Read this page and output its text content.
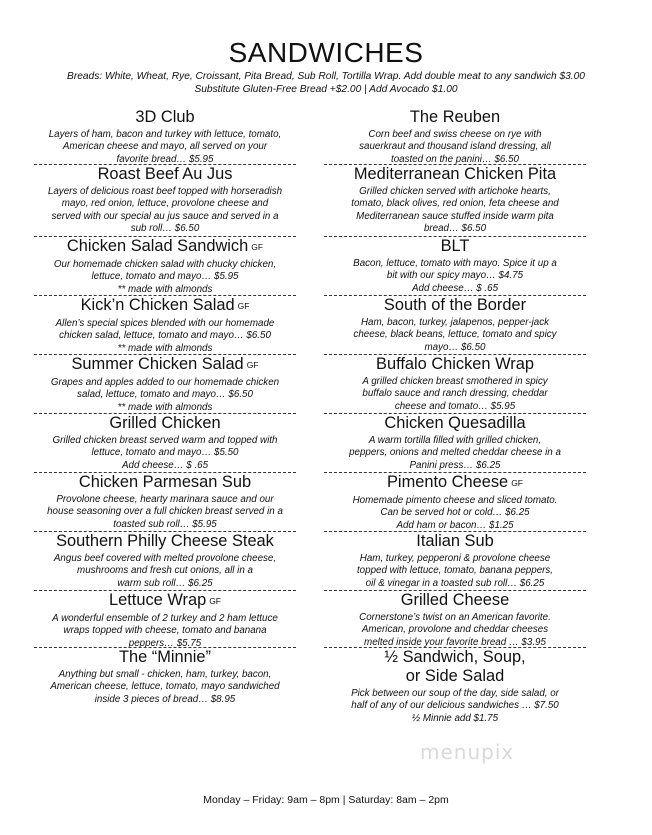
SANDWICHES
Breads: White, Wheat, Rye, Croissant, Pita Bread, Sub Roll, Tortilla Wrap. Add double meat to any sandwich $3.00
Substitute Gluten-Free Bread +$2.00 | Add Avocado $1.00
3D Club
Layers of ham, bacon and turkey with lettuce, tomato,
American cheese and mayo, all served on your
favorite bread… $5.95
Roast Beef Au Jus
Layers of delicious roast beef topped with horseradish
mayo, red onion, lettuce, provolone cheese and
served with our special au jus sauce and served in a
sub roll… $6.50
Chicken Salad Sandwich GF
Our homemade chicken salad with chucky chicken,
lettuce, tomato and mayo… $5.95
** made with almonds
Kick’n Chicken Salad GF
Allen’s special spices blended with our homemade
chicken salad, lettuce, tomato and mayo… $6.50
** made with almonds
Summer Chicken Salad GF
Grapes and apples added to our homemade chicken
salad, lettuce, tomato and mayo… $6.50
** made with almonds
Grilled Chicken
Grilled chicken breast served warm and topped with
lettuce, tomato and mayo… $5.50
Add cheese… $ .65
Chicken Parmesan Sub
Provolone cheese, hearty marinara sauce and our
house seasoning over a full chicken breast served in a
toasted sub roll… $5.95
Southern Philly Cheese Steak
Angus beef covered with melted provolone cheese,
mushrooms and fresh cut onions, all in a
warm sub roll… $6.25
Lettuce Wrap GF
A wonderful ensemble of 2 turkey and 2 ham lettuce
wraps topped with cheese, tomato and banana
peppers… $5.75
The “Minnie”
Anything but small - chicken, ham, turkey, bacon,
American cheese, lettuce, tomato, mayo sandwiched
inside 3 pieces of bread… $8.95
The Reuben
Corn beef and swiss cheese on rye with
sauerkraut and thousand island dressing, all
toasted on the panini… $6.50
Mediterranean Chicken Pita
Grilled chicken served with artichoke hearts,
tomato, black olives, red onion, feta cheese and
Mediterranean sauce stuffed inside warm pita
bread… $6.50
BLT
Bacon, lettuce, tomato with mayo. Spice it up a
bit with our spicy mayo… $4.75
Add cheese… $ .65
South of the Border
Ham, bacon, turkey, jalapenos, pepper-jack
cheese, black beans, lettuce, tomato and spicy
mayo… $6.50
Buffalo Chicken Wrap
A grilled chicken breast smothered in spicy
buffalo sauce and ranch dressing, cheddar
cheese and tomato… $5.95
Chicken Quesadilla
A warm tortilla filled with grilled chicken,
peppers, onions and melted cheddar cheese in a
Panini press… $6.25
Pimento Cheese GF
Homemade pimento cheese and sliced tomato.
Can be served hot or cold… $6.25
Add ham or bacon… $1.25
Italian Sub
Ham, turkey, pepperoni & provolone cheese
topped with lettuce, tomato, banana peppers,
oil & vinegar in a toasted sub roll… $6.25
Grilled Cheese
Cornerstone’s twist on an American favorite.
American, provolone and cheddar cheeses
melted inside your favorite bread … $3.95
½ Sandwich, Soup,
or Side Salad
Pick between our soup of the day, side salad, or
half of any of our delicious sandwiches … $7.50
½ Minnie add $1.75
menupix
Monday – Friday: 9am – 8pm | Saturday: 8am – 2pm
